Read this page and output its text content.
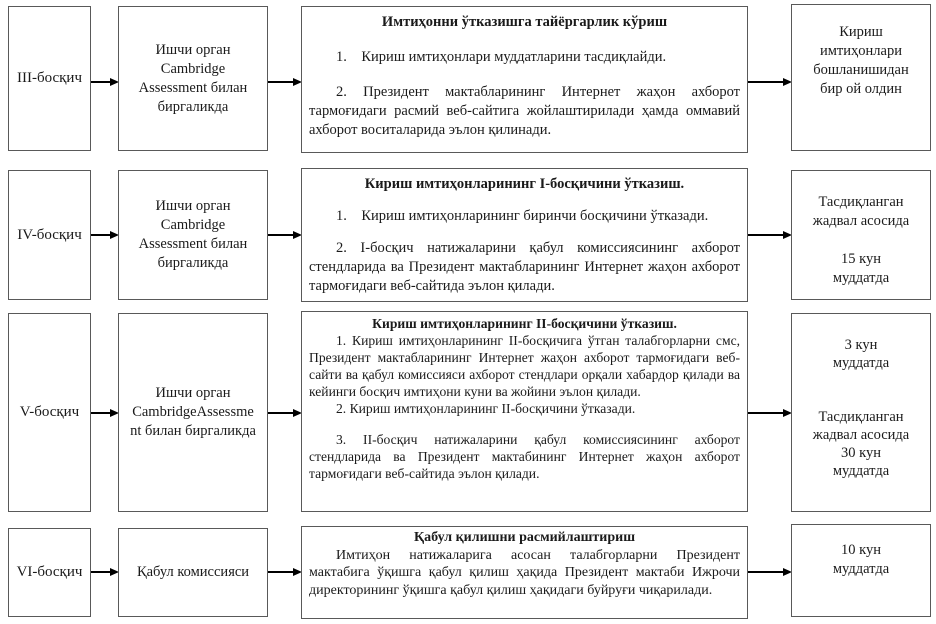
III-босқич
Ишчи орган
Cambridge
Assessment билан
биргаликда

Имтиҳонни ўтказишга тайёргарлик кўриш

1. Кириш имтиҳонлари муддатларини тасдиқлайди.

2. Президент мактабларининг Интернет жаҳон ахборот тармоғидаги расмий веб-сайтига жойлаштирилади ҳамда оммавий ахборот воситаларида эълон қилинади.

Кириш
имтиҳонлари
бошланишидан
бир ой олдин
IV-босқич
Ишчи орган
Cambridge
Assessment билан
биргаликда

Кириш имтиҳонларининг I-босқичини ўтказиш.

1. Кириш имтиҳонларининг биринчи босқичини ўтказади.

2. I-босқич натижаларини қабул комиссиясининг ахборот стендларида ва Президент мактабларининг Интернет жаҳон ахборот тармоғидаги веб-сайтида эълон қилади.

Тасдиқланган
жадвал асосида
15 кун
муддатда
V-босқич
Ишчи орган
CambridgeAssessme
nt билан биргаликда

Кириш имтиҳонларининг II-босқичини ўтказиш.

1. Кириш имтиҳонларининг II-босқичига ўтган талабгорларни смс, Президент мактабларининг Интернет жаҳон ахборот тармоғидаги веб-сайти ва қабул комиссияси ахборот стендлари орқали хабардор қилади ва кейинги босқич имтиҳони куни ва жойини эълон қилади.

2. Кириш имтиҳонларининг II-босқичини ўтказади.

3. II-босқич натижаларини қабул комиссиясининг ахборот стендларида ва Президент мактабининг Интернет жаҳон ахборот тармоғидаги веб-сайтида эълон қилади.

3 кун
муддатда
Тасдиқланган
жадвал асосида
30 кун
муддатда
VI-босқич	Қабул комиссияси

Қабул қилишни расмийлаштириш

Имтиҳон натижаларига асосан талабгорларни Президент мактабига ўқишга қабул қилиш ҳақида Президент мактаби Ижрочи директорининг ўқишга қабул қилиш ҳақидаги буйруғи чиқарилади.

10 кун
муддатда
